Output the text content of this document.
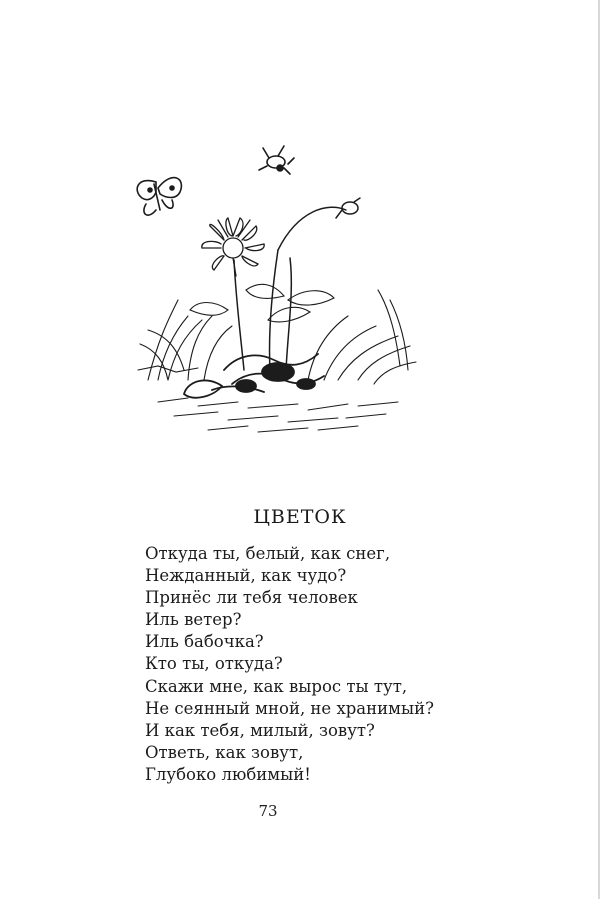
ЦВЕТОК
Откуда ты, белый, как снег,
Нежданный, как чудо?
Принёс ли тебя человек
Иль ветер?
Иль бабочка?
Кто ты, откуда?
Скажи мне, как вырос ты тут,
Не сеянный мной, не хранимый?
И как тебя, милый, зовут?
Ответь, как зовут,
Глубоко любимый!
73
